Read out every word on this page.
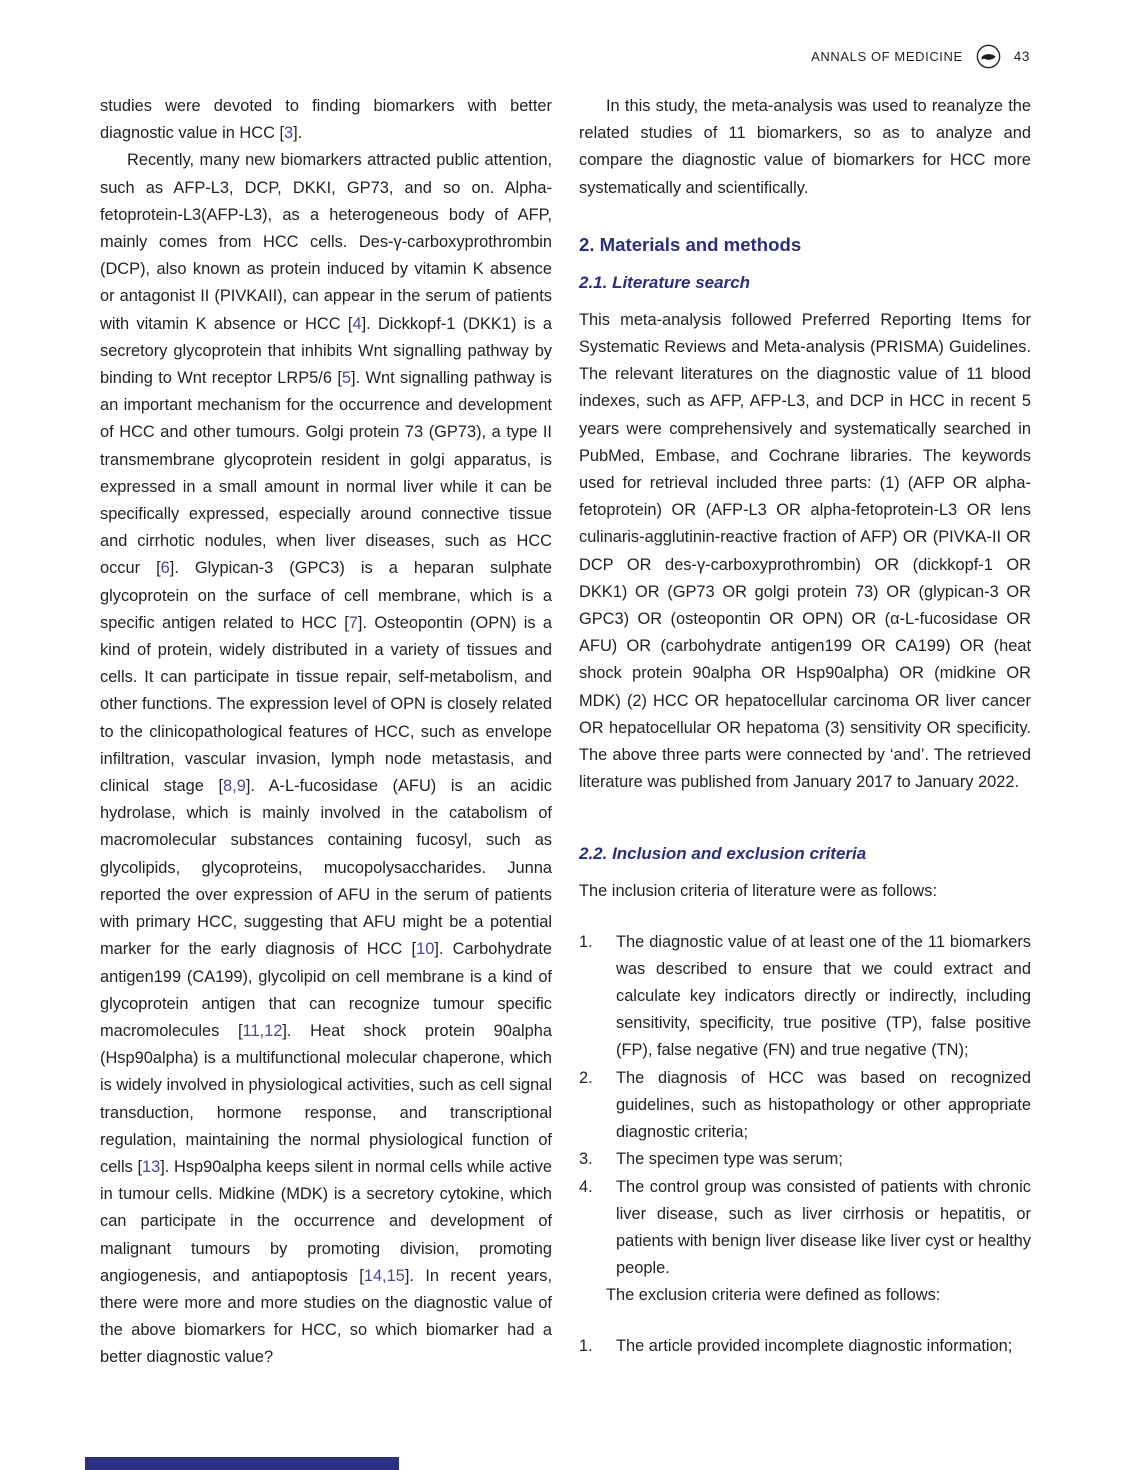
ANNALS OF MEDICINE	43

studies were devoted to finding biomarkers with better diagnostic value in HCC [3].

Recently, many new biomarkers attracted public attention, such as AFP-L3, DCP, DKKI, GP73, and so on. Alpha-fetoprotein-L3(AFP-L3), as a heterogeneous body of AFP, mainly comes from HCC cells. Des-γ-carboxyprothrombin (DCP), also known as protein induced by vitamin K absence or antagonist II (PIVKAII), can appear in the serum of patients with vitamin K absence or HCC [4]. Dickkopf-1 (DKK1) is a secretory glycoprotein that inhibits Wnt signalling pathway by binding to Wnt receptor LRP5/6 [5]. Wnt signalling pathway is an important mechanism for the occurrence and development of HCC and other tumours. Golgi protein 73 (GP73), a type II transmembrane glycoprotein resident in golgi apparatus, is expressed in a small amount in normal liver while it can be specifically expressed, especially around connective tissue and cirrhotic nodules, when liver diseases, such as HCC occur [6]. Glypican-3 (GPC3) is a heparan sulphate glycoprotein on the surface of cell membrane, which is a specific antigen related to HCC [7]. Osteopontin (OPN) is a kind of protein, widely distributed in a variety of tissues and cells. It can participate in tissue repair, self-metabolism, and other functions. The expression level of OPN is closely related to the clinicopathological features of HCC, such as envelope infiltration, vascular invasion, lymph node metastasis, and clinical stage [8,9]. A-L-fucosidase (AFU) is an acidic hydrolase, which is mainly involved in the catabolism of macromolecular substances containing fucosyl, such as glycolipids, glycoproteins, mucopolysaccharides. Junna reported the over expression of AFU in the serum of patients with primary HCC, suggesting that AFU might be a potential marker for the early diagnosis of HCC [10]. Carbohydrate antigen199 (CA199), glycolipid on cell membrane is a kind of glycoprotein antigen that can recognize tumour specific macromolecules [11,12]. Heat shock protein 90alpha (Hsp90alpha) is a multifunctional molecular chaperone, which is widely involved in physiological activities, such as cell signal transduction, hormone response, and transcriptional regulation, maintaining the normal physiological function of cells [13]. Hsp90alpha keeps silent in normal cells while active in tumour cells. Midkine (MDK) is a secretory cytokine, which can participate in the occurrence and development of malignant tumours by promoting division, promoting angiogenesis, and antiapoptosis [14,15]. In recent years, there were more and more studies on the diagnostic value of the above biomarkers for HCC, so which biomarker had a better diagnostic value?

In this study, the meta-analysis was used to reanalyze the related studies of 11 biomarkers, so as to analyze and compare the diagnostic value of biomarkers for HCC more systematically and scientifically.

2. Materials and methods
2.1. Literature search

This meta-analysis followed Preferred Reporting Items for Systematic Reviews and Meta-analysis (PRISMA) Guidelines. The relevant literatures on the diagnostic value of 11 blood indexes, such as AFP, AFP-L3, and DCP in HCC in recent 5 years were comprehensively and systematically searched in PubMed, Embase, and Cochrane libraries. The keywords used for retrieval included three parts: (1) (AFP OR alpha-fetoprotein) OR (AFP-L3 OR alpha-fetoprotein-L3 OR lens culinaris-agglutinin-reactive fraction of AFP) OR (PIVKA-II OR DCP OR des-γ-carboxyprothrombin) OR (dickkopf-1 OR DKK1) OR (GP73 OR golgi protein 73) OR (glypican-3 OR GPC3) OR (osteopontin OR OPN) OR (α-L-fucosidase OR AFU) OR (carbohydrate antigen199 OR CA199) OR (heat shock protein 90alpha OR Hsp90alpha) OR (midkine OR MDK) (2) HCC OR hepatocellular carcinoma OR liver cancer OR hepatocellular OR hepatoma (3) sensitivity OR specificity. The above three parts were connected by ‘and’. The retrieved literature was published from January 2017 to January 2022.

2.2. Inclusion and exclusion criteria

The inclusion criteria of literature were as follows:

1.	The diagnostic value of at least one of the 11 biomarkers was described to ensure that we could extract and calculate key indicators directly or indirectly, including sensitivity, specificity, true positive (TP), false positive (FP), false negative (FN) and true negative (TN);

2.	The diagnosis of HCC was based on recognized guidelines, such as histopathology or other appropriate diagnostic criteria;

3.	The specimen type was serum;

4.	The control group was consisted of patients with chronic liver disease, such as liver cirrhosis or hepatitis, or patients with benign liver disease like liver cyst or healthy people.

The exclusion criteria were defined as follows:

1.	The article provided incomplete diagnostic information;
